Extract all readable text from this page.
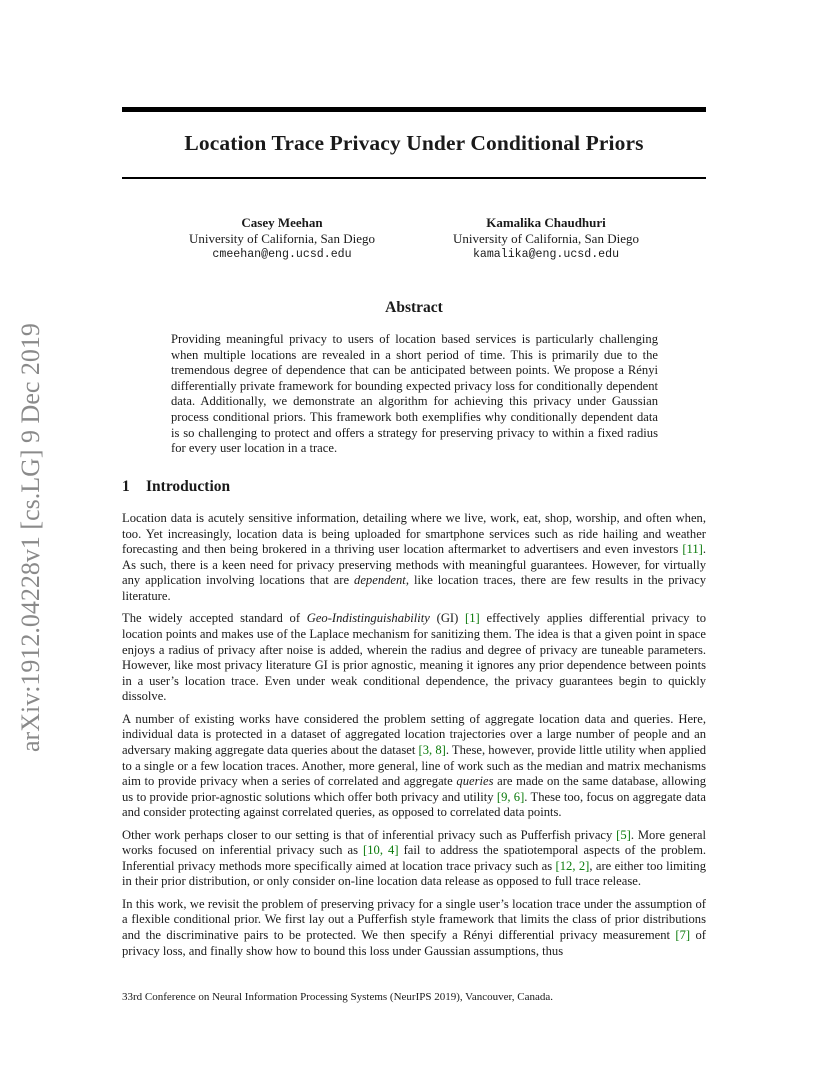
arXiv:1912.04228v1 [cs.LG] 9 Dec 2019
Location Trace Privacy Under Conditional Priors
Casey Meehan
University of California, San Diego
cmeehan@eng.ucsd.edu
Kamalika Chaudhuri
University of California, San Diego
kamalika@eng.ucsd.edu
Abstract
Providing meaningful privacy to users of location based services is particularly challenging when multiple locations are revealed in a short period of time. This is primarily due to the tremendous degree of dependence that can be anticipated between points. We propose a Rényi differentially private framework for bounding expected privacy loss for conditionally dependent data. Additionally, we demonstrate an algorithm for achieving this privacy under Gaussian process conditional priors. This framework both exemplifies why conditionally dependent data is so challenging to protect and offers a strategy for preserving privacy to within a fixed radius for every user location in a trace.
1 Introduction

Location data is acutely sensitive information, detailing where we live, work, eat, shop, worship, and often when, too. Yet increasingly, location data is being uploaded for smartphone services such as ride hailing and weather forecasting and then being brokered in a thriving user location aftermarket to advertisers and even investors [11]. As such, there is a keen need for privacy preserving methods with meaningful guarantees. However, for virtually any application involving locations that are dependent, like location traces, there are few results in the privacy literature.

The widely accepted standard of Geo-Indistinguishability (GI) [1] effectively applies differential privacy to location points and makes use of the Laplace mechanism for sanitizing them. The idea is that a given point in space enjoys a radius of privacy after noise is added, wherein the radius and degree of privacy are tuneable parameters. However, like most privacy literature GI is prior agnostic, meaning it ignores any prior dependence between points in a user’s location trace. Even under weak conditional dependence, the privacy guarantees begin to quickly dissolve.

A number of existing works have considered the problem setting of aggregate location data and queries. Here, individual data is protected in a dataset of aggregated location trajectories over a large number of people and an adversary making aggregate data queries about the dataset [3, 8]. These, however, provide little utility when applied to a single or a few location traces. Another, more general, line of work such as the median and matrix mechanisms aim to provide privacy when a series of correlated and aggregate queries are made on the same database, allowing us to provide prior-agnostic solutions which offer both privacy and utility [9, 6]. These too, focus on aggregate data and consider protecting against correlated queries, as opposed to correlated data points.

Other work perhaps closer to our setting is that of inferential privacy such as Pufferfish privacy [5]. More general works focused on inferential privacy such as [10, 4] fail to address the spatiotemporal aspects of the problem. Inferential privacy methods more specifically aimed at location trace privacy such as [12, 2], are either too limiting in their prior distribution, or only consider on-line location data release as opposed to full trace release.

In this work, we revisit the problem of preserving privacy for a single user’s location trace under the assumption of a flexible conditional prior. We first lay out a Pufferfish style framework that limits the class of prior distributions and the discriminative pairs to be protected. We then specify a Rényi differential privacy measurement [7] of privacy loss, and finally show how to bound this loss under Gaussian assumptions, thus

33rd Conference on Neural Information Processing Systems (NeurIPS 2019), Vancouver, Canada.
